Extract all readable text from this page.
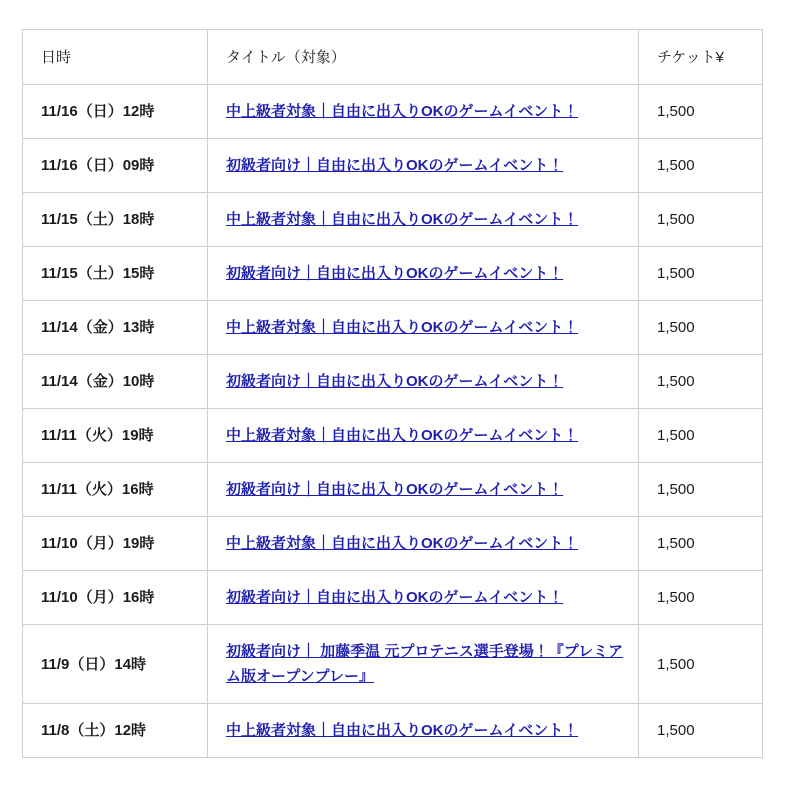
日時	タイトル（対象）	チケット¥
11/16（日）12時	中上級者対象｜自由に出入りOKのゲームイベント！	1,500
11/16（日）09時	初級者向け｜自由に出入りOKのゲームイベント！	1,500
11/15（土）18時	中上級者対象｜自由に出入りOKのゲームイベント！	1,500
11/15（土）15時	初級者向け｜自由に出入りOKのゲームイベント！	1,500
11/14（金）13時	中上級者対象｜自由に出入りOKのゲームイベント！	1,500
11/14（金）10時	初級者向け｜自由に出入りOKのゲームイベント！	1,500
11/11（火）19時	中上級者対象｜自由に出入りOKのゲームイベント！	1,500
11/11（火）16時	初級者向け｜自由に出入りOKのゲームイベント！	1,500
11/10（月）19時	中上級者対象｜自由に出入りOKのゲームイベント！	1,500
11/10（月）16時	初級者向け｜自由に出入りOKのゲームイベント！	1,500
11/9（日）14時	初級者向け｜ 加藤季温 元プロテニス選手登場！『プレミアム版オープンプレー』	1,500
11/8（土）12時	中上級者対象｜自由に出入りOKのゲームイベント！	1,500
